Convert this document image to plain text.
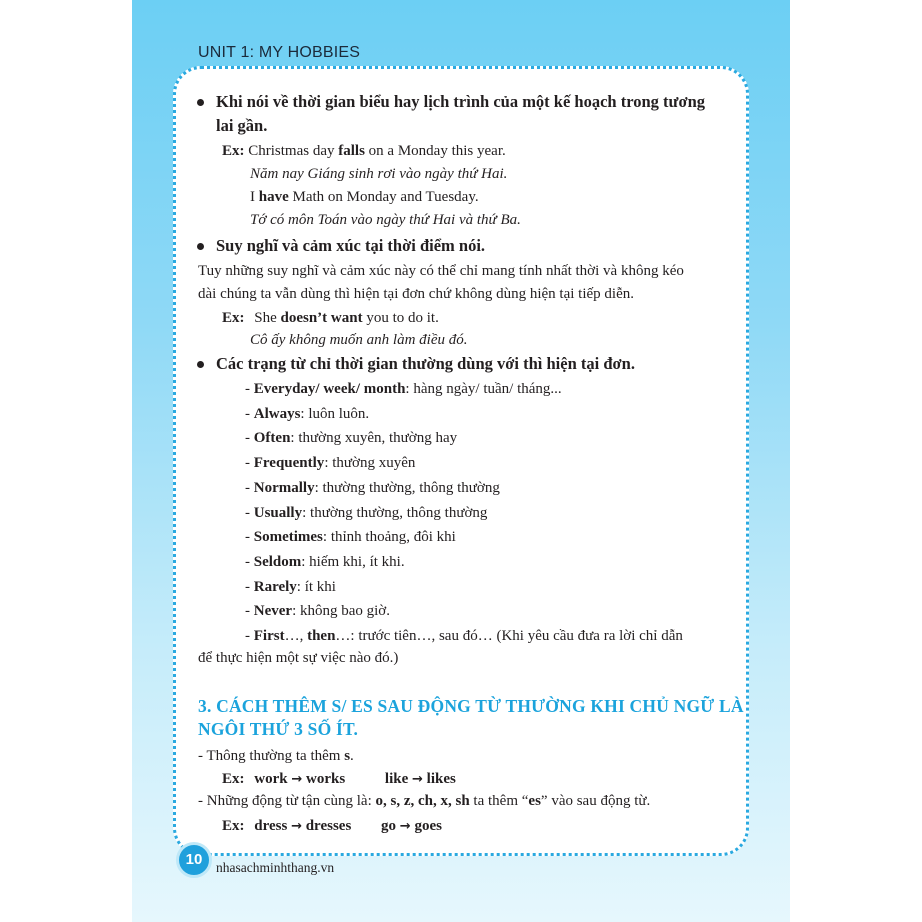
UNIT 1: MY HOBBIES
Khi nói về thời gian biểu hay lịch trình của một kế hoạch trong tương
lai gần.
Ex: Christmas day falls on a Monday this year.
Năm nay Giáng sinh rơi vào ngày thứ Hai.
I have Math on Monday and Tuesday.
Tớ có môn Toán vào ngày thứ Hai và thứ Ba.
Suy nghĩ và cảm xúc tại thời điểm nói.
Tuy những suy nghĩ và cảm xúc này có thể chỉ mang tính nhất thời và không kéo
dài chúng ta vẫn dùng thì hiện tại đơn chứ không dùng hiện tại tiếp diễn.
Ex: She doesn’t want you to do it.
Cô ấy không muốn anh làm điều đó.
Các trạng từ chỉ thời gian thường dùng với thì hiện tại đơn.
- Everyday/ week/ month: hàng ngày/ tuần/ tháng...
- Always: luôn luôn.
- Often: thường xuyên, thường hay
- Frequently: thường xuyên
- Normally: thường thường, thông thường
- Usually: thường thường, thông thường
- Sometimes: thỉnh thoảng, đôi khi
- Seldom: hiếm khi, ít khi.
- Rarely: ít khi
- Never: không bao giờ.
- First…, then…: trước tiên…, sau đó… (Khi yêu cầu đưa ra lời chỉ dẫn
để thực hiện một sự việc nào đó.)
3. CÁCH THÊM S/ ES SAU ĐỘNG TỪ THƯỜNG KHI CHỦ NGỮ LÀ
NGÔI THỨ 3 SỐ ÍT.
- Thông thường ta thêm s.
Ex: work → works	like → likes
- Những động từ tận cùng là: o, s, z, ch, x, sh ta thêm “es” vào sau động từ.
Ex: dress → dresses go → goes
10	nhasachminhthang.vn
